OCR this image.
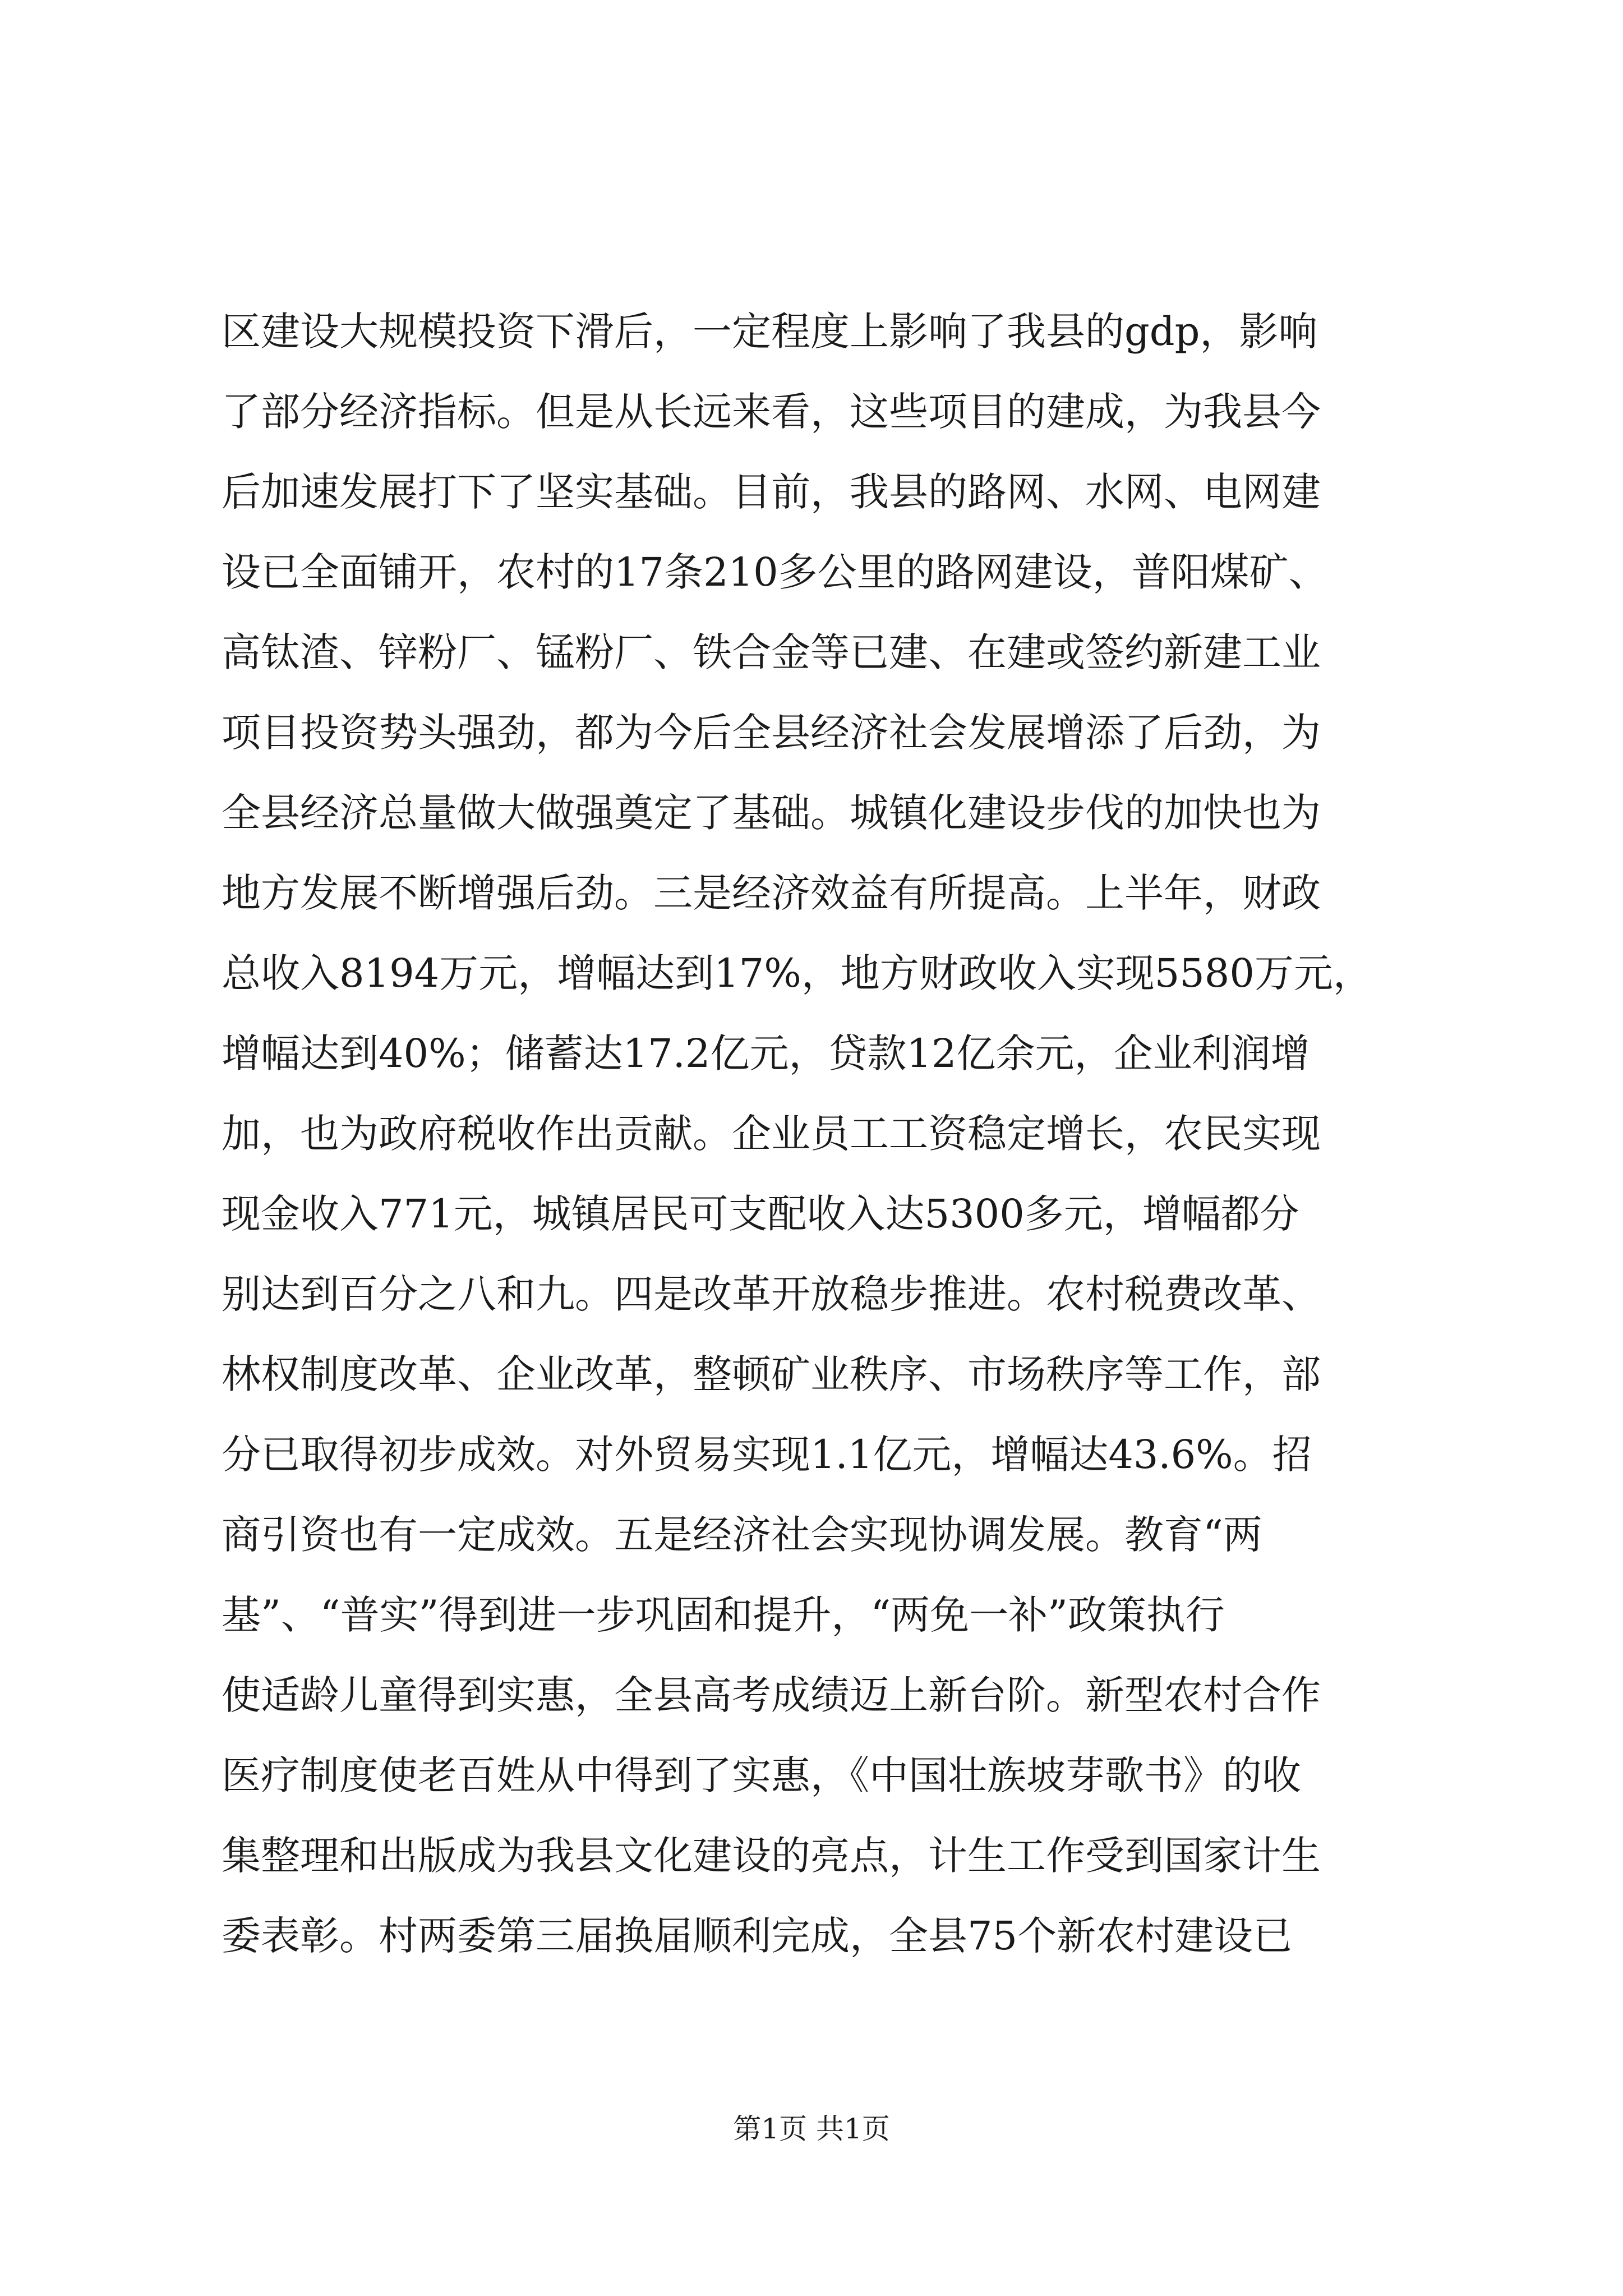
区建设大规模投资下滑后，一定程度上影响了我县的gdp，影响
了部分经济指标。但是从长远来看，这些项目的建成，为我县今
后加速发展打下了坚实基础。目前，我县的路网、水网、电网建
设已全面铺开，农村的17条210多公里的路网建设，普阳煤矿、
高钛渣、锌粉厂、锰粉厂、铁合金等已建、在建或签约新建工业
项目投资势头强劲，都为今后全县经济社会发展增添了后劲，为
全县经济总量做大做强奠定了基础。城镇化建设步伐的加快也为
地方发展不断增强后劲。三是经济效益有所提高。上半年，财政
总收入8194万元，增幅达到17%，地方财政收入实现5580万元，
增幅达到40%；储蓄达17.2亿元，贷款12亿余元，企业利润增
加，也为政府税收作出贡献。企业员工工资稳定增长，农民实现
现金收入771元，城镇居民可支配收入达5300多元，增幅都分
别达到百分之八和九。四是改革开放稳步推进。农村税费改革、
林权制度改革、企业改革，整顿矿业秩序、市场秩序等工作，部
分已取得初步成效。对外贸易实现1.1亿元，增幅达43.6%。招
商引资也有一定成效。五是经济社会实现协调发展。教育“两
基”、“普实”得到进一步巩固和提升，“两免一补”政策执行
使适龄儿童得到实惠，全县高考成绩迈上新台阶。新型农村合作
医疗制度使老百姓从中得到了实惠，《中国壮族坡芽歌书》的收
集整理和出版成为我县文化建设的亮点，计生工作受到国家计生
委表彰。村两委第三届换届顺利完成，全县75个新农村建设已
第1页 共1页
